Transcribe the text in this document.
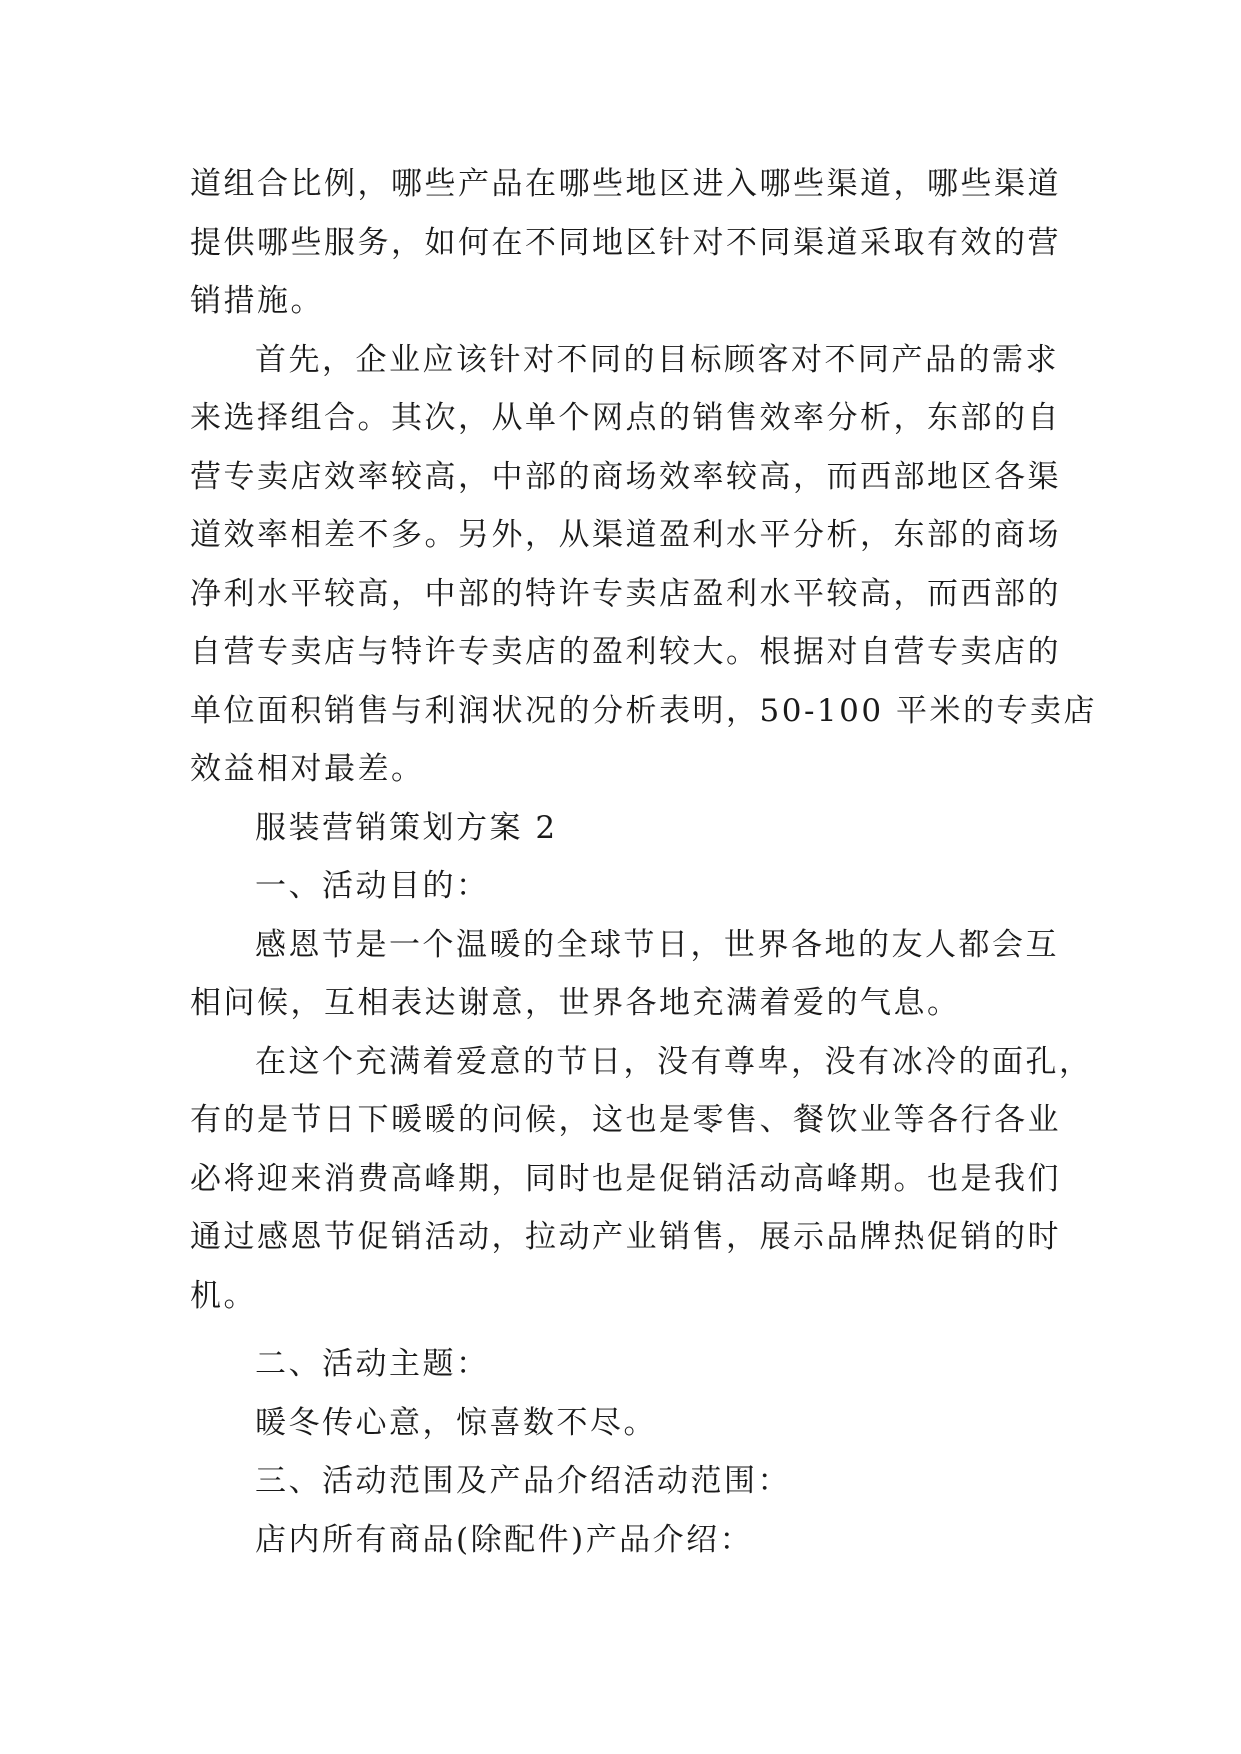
道组合比例，哪些产品在哪些地区进入哪些渠道，哪些渠道
提供哪些服务，如何在不同地区针对不同渠道采取有效的营
销措施。
首先，企业应该针对不同的目标顾客对不同产品的需求
来选择组合。其次，从单个网点的销售效率分析，东部的自
营专卖店效率较高，中部的商场效率较高，而西部地区各渠
道效率相差不多。另外，从渠道盈利水平分析，东部的商场
净利水平较高，中部的特许专卖店盈利水平较高，而西部的
自营专卖店与特许专卖店的盈利较大。根据对自营专卖店的
单位面积销售与利润状况的分析表明，50-100 平米的专卖店
效益相对最差。
服装营销策划方案 2
一、活动目的：
感恩节是一个温暖的全球节日，世界各地的友人都会互
相问候，互相表达谢意，世界各地充满着爱的气息。
在这个充满着爱意的节日，没有尊卑，没有冰冷的面孔，
有的是节日下暖暖的问候，这也是零售、餐饮业等各行各业
必将迎来消费高峰期，同时也是促销活动高峰期。也是我们
通过感恩节促销活动，拉动产业销售，展示品牌热促销的时
机。
二、活动主题：
暖冬传心意，惊喜数不尽。
三、活动范围及产品介绍活动范围：
店内所有商品(除配件)产品介绍：
